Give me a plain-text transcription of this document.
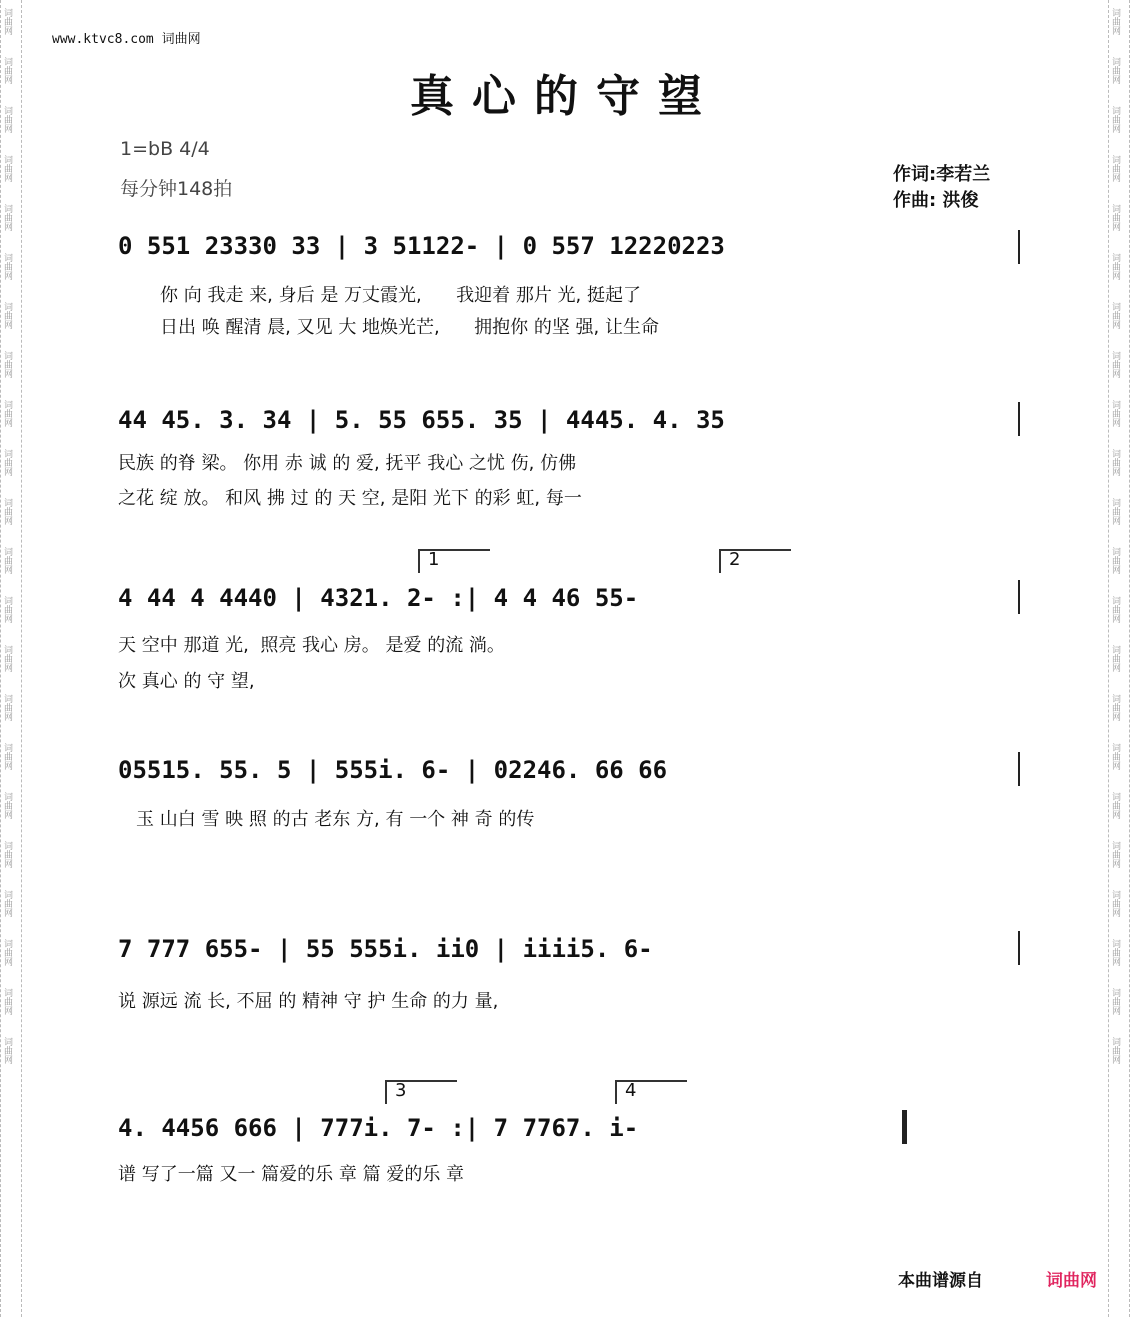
词曲网
词曲网
词曲网
词曲网
词曲网
词曲网
词曲网
词曲网
词曲网
词曲网
词曲网
词曲网
词曲网
词曲网
词曲网
词曲网
词曲网
词曲网
词曲网
词曲网
词曲网
词曲网
词曲网
词曲网
词曲网
词曲网
词曲网
词曲网
词曲网
词曲网
词曲网
词曲网
词曲网
词曲网
词曲网
词曲网
词曲网
词曲网
词曲网
词曲网
词曲网
词曲网
词曲网
词曲网
www.ktvc8.com 词曲网
真心的守望
1=bB 4/4
每分钟148拍
作词:李若兰
作曲: 洪俊
0 551 23330 33 | 3 51122- | 0 557 12220223
你 向 我走 来, 身后 是 万丈霞光,      我迎着 那片 光, 挺起了
日出 唤 醒清 晨, 又见 大 地焕光芒,      拥抱你 的坚 强, 让生命
44 45. 3. 34 | 5. 55 655. 35 | 4445. 4. 35
民族 的脊 梁。 你用 赤 诚 的 爱, 抚平 我心 之忧 伤, 仿佛
之花 绽 放。 和风 拂 过 的 天 空, 是阳 光下 的彩 虹, 每一
1	2
4 44 4 4440 | 4321. 2- :| 4 4 46 55-
天 空中 那道 光,  照亮 我心 房。 是爱 的流 淌。
次 真心 的 守 望,
05515. 55. 5 | 555i. 6- | 02246. 66 66
玉 山白 雪 映 照 的古 老东 方, 有 一个 神 奇 的传
7 777 655- | 55 555i. ii0 | iiii5. 6-
说 源远 流 长, 不屈 的 精神 守 护 生命 的力 量,
3	4
4. 4456 666 | 777i. 7- :| 7 7767. i-
谱 写了一篇 又一 篇爱的乐 章 篇 爱的乐 章
本曲谱源自	词曲网
